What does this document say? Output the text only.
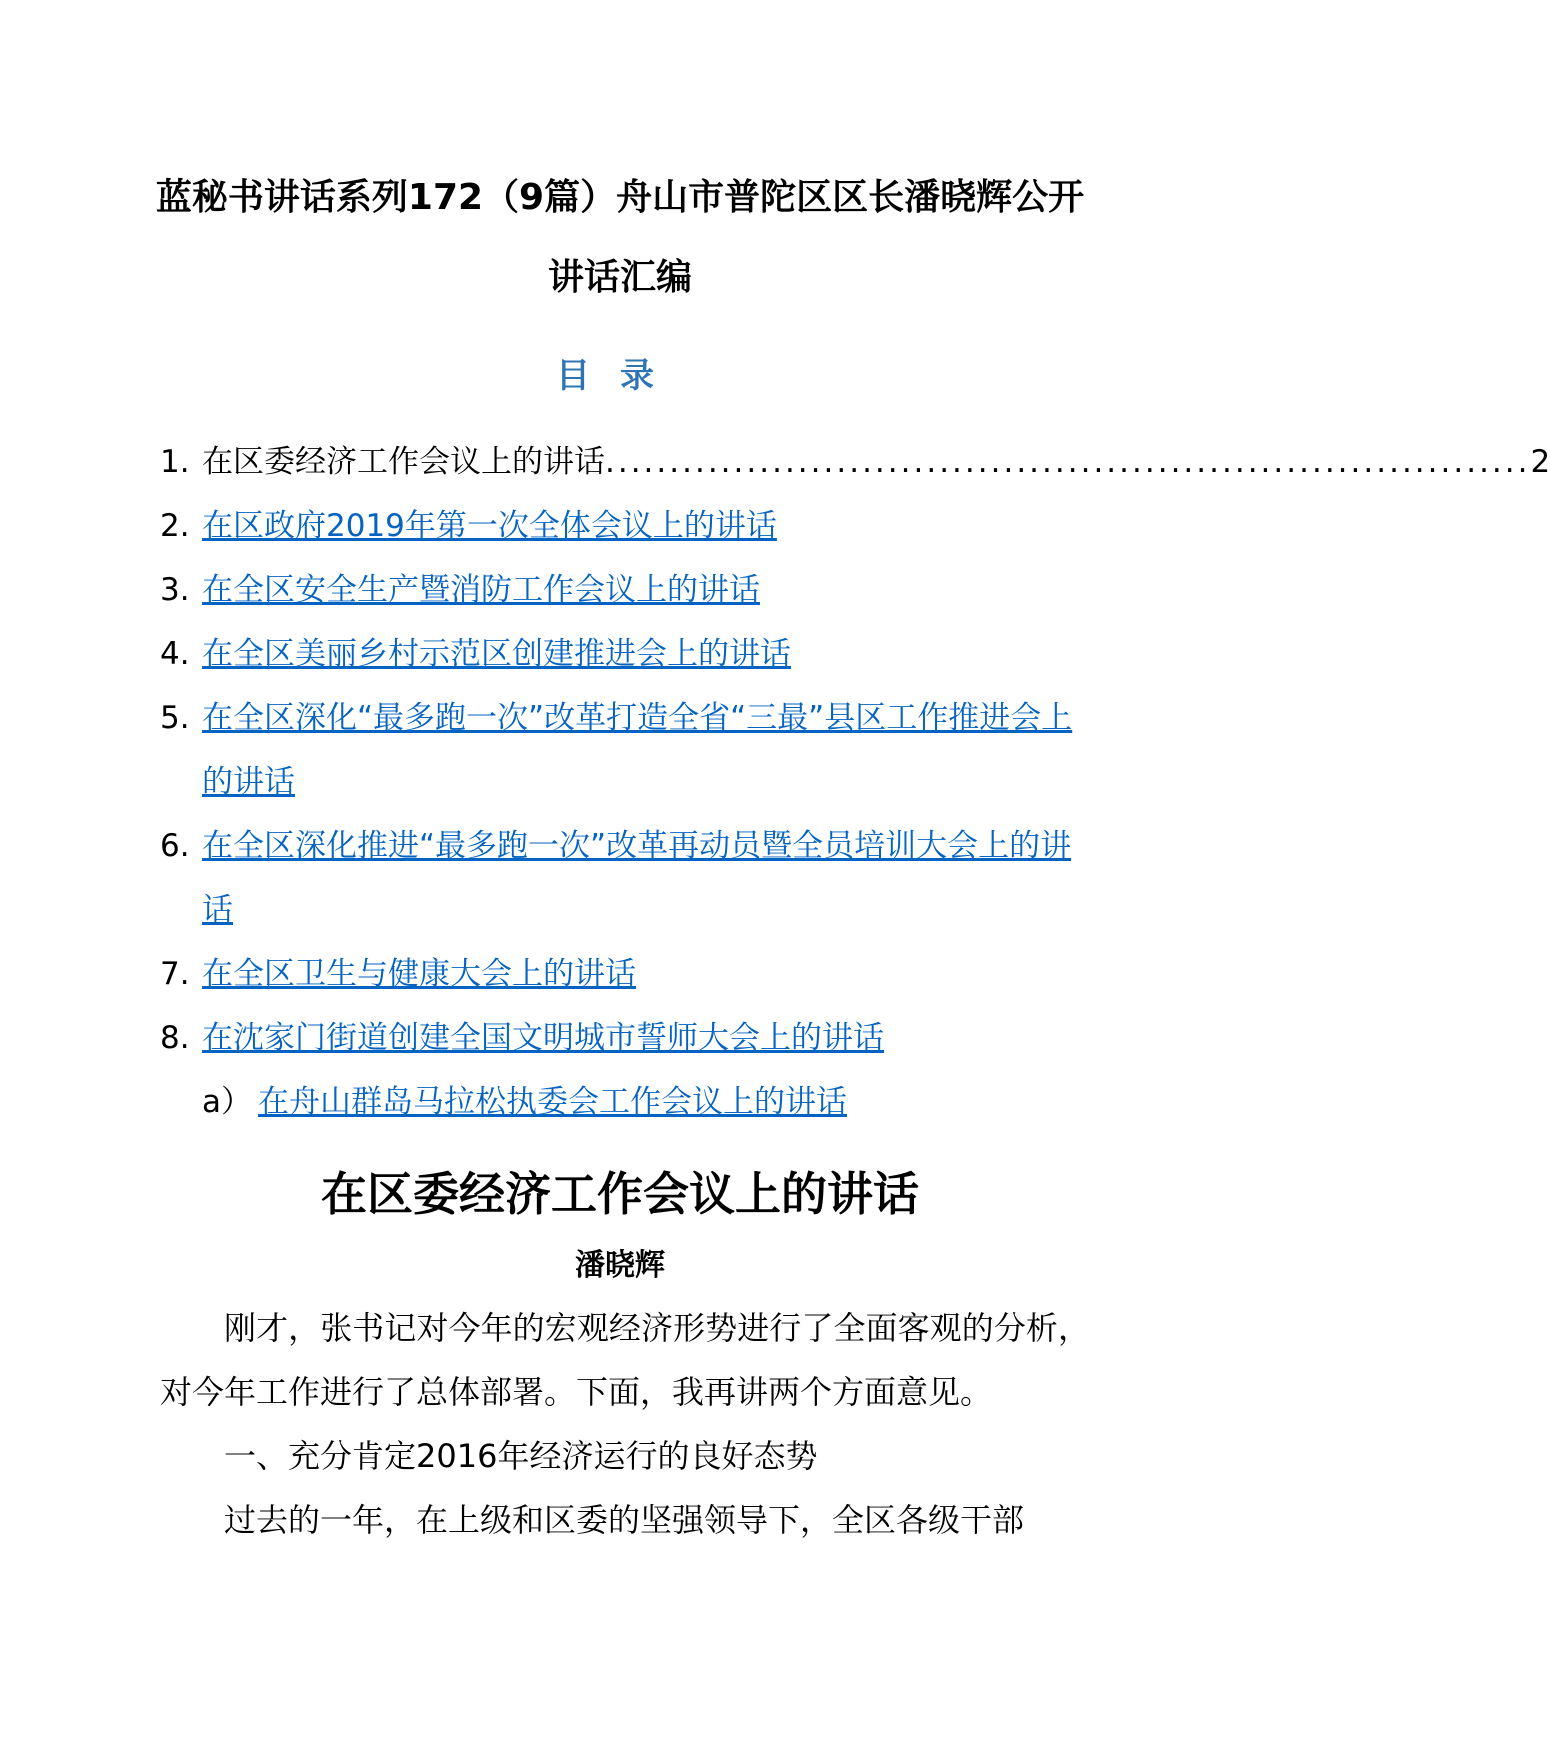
蓝秘书讲话系列172（9篇）舟山市普陀区区长潘晓辉公开
讲话汇编
目录
1. 在区委经济工作会议上的讲话 ........................................................................ 2
2. 在区政府2019年第一次全体会议上的讲话
3. 在全区安全生产暨消防工作会议上的讲话
4. 在全区美丽乡村示范区创建推进会上的讲话
5. 在全区深化“最多跑一次”改革打造全省“三最”县区工作推进会上的讲话
6. 在全区深化推进“最多跑一次”改革再动员暨全员培训大会上的讲话
7. 在全区卫生与健康大会上的讲话
8. 在沈家门街道创建全国文明城市誓师大会上的讲话
a） 在舟山群岛马拉松执委会工作会议上的讲话
在区委经济工作会议上的讲话
潘晓辉

刚才，张书记对今年的宏观经济形势进行了全面客观的分析，对今年工作进行了总体部署。下面，我再讲两个方面意见。

一、充分肯定2016年经济运行的良好态势

过去的一年，在上级和区委的坚强领导下，全区各级干部
